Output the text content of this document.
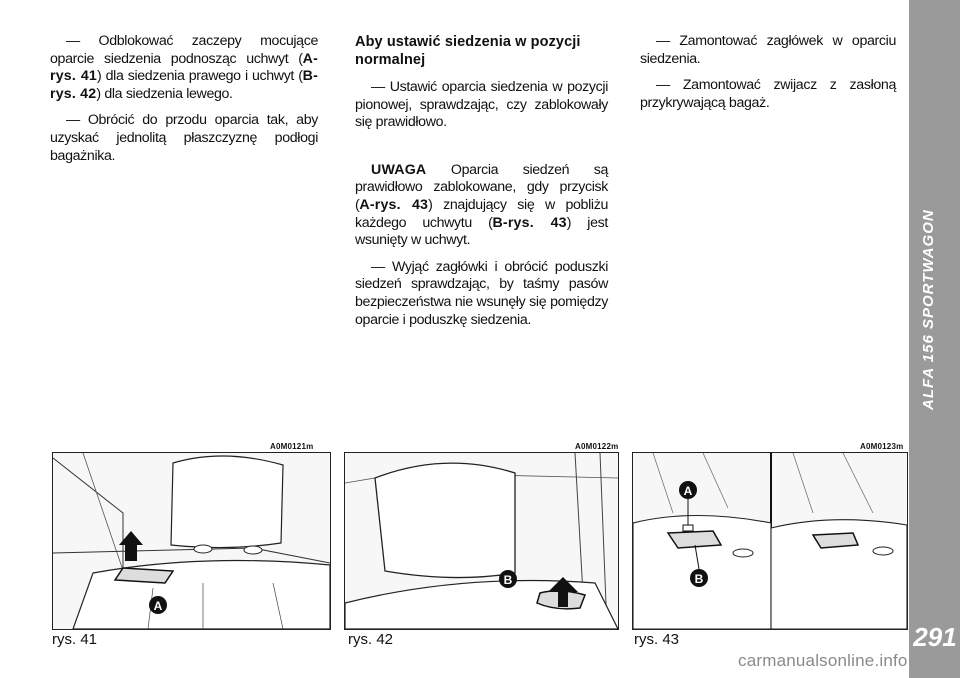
— Odblokować zaczepy mocujące oparcie siedzenia podnosząc uchwyt (A-rys. 41) dla siedzenia prawego i uchwyt (B-rys. 42) dla siedzenia lewego.

— Obrócić do przodu oparcia tak, aby uzyskać jednolitą płaszczyznę podłogi bagażnika.

Aby ustawić siedzenia w pozycji normalnej

— Ustawić oparcia siedzenia w pozycji pionowej, sprawdzając, czy zablokowały się prawidłowo.

UWAGA Oparcia siedzeń są prawidłowo zablokowane, gdy przycisk (A-rys. 43) znajdujący się w pobliżu każdego uchwytu (B-rys. 43) jest wsunięty w uchwyt.

— Wyjąć zagłówki i obrócić poduszki siedzeń sprawdzając, by taśmy pasów bezpieczeństwa nie wsunęły się pomiędzy oparcie i poduszkę siedzenia.

— Zamontować zagłówek w oparciu siedzenia.

— Zamontować zwijacz z zasłoną przykrywającą bagaż.

291
A0M0121m	A0M0122m	A0M0123m
A
B
A
B
rys. 41	rys. 42	rys. 43
carmanualsonline.info
